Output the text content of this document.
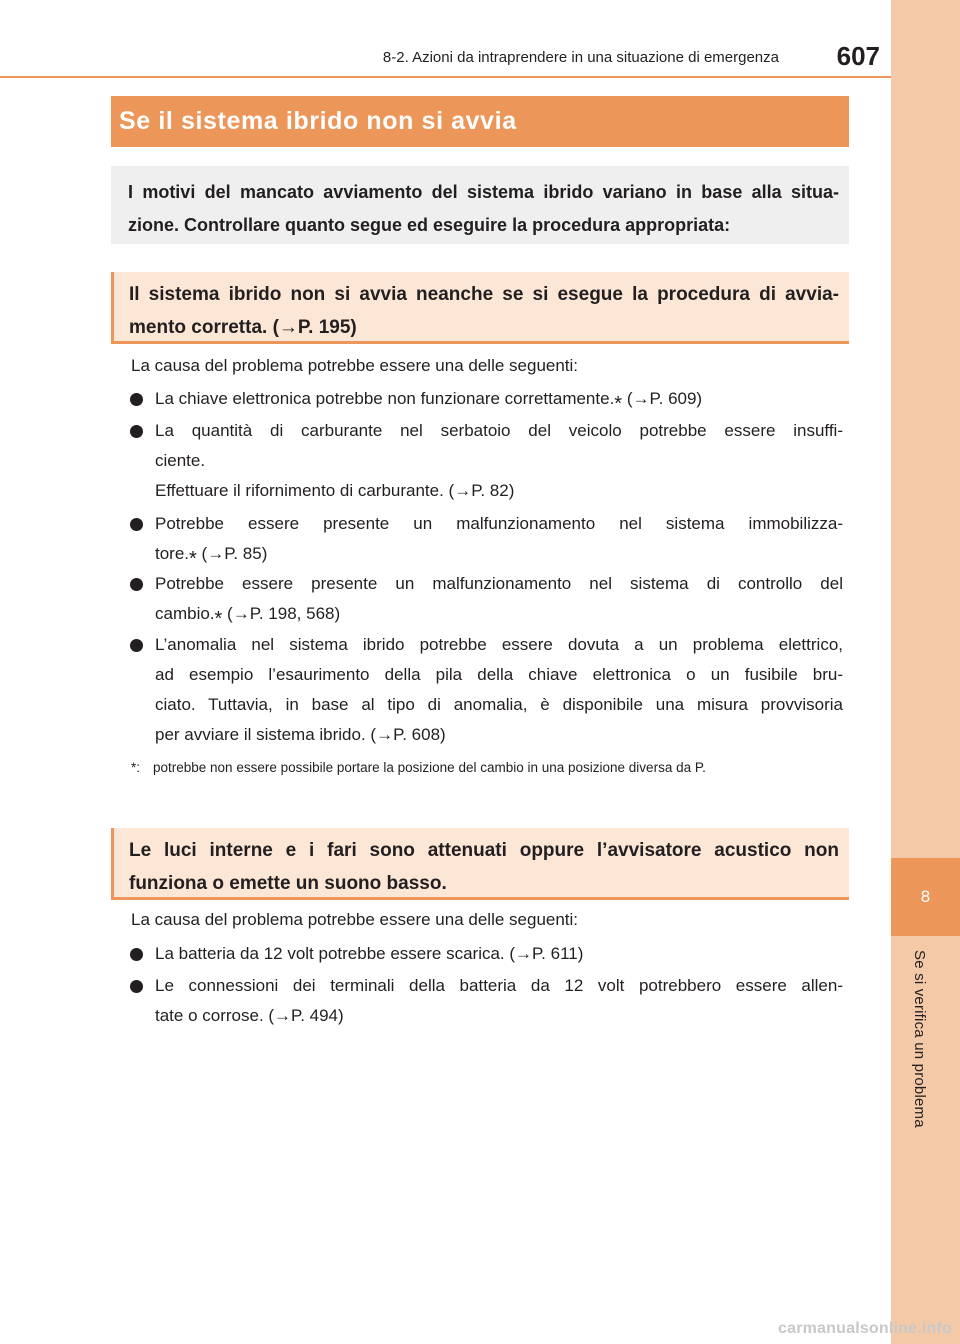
8-2. Azioni da intraprendere in una situazione di emergenza	607
8
Se si verifica un problema
Se il sistema ibrido non si avvia
I motivi del mancato avviamento del sistema ibrido variano in base alla situa-
zione. Controllare quanto segue ed eseguire la procedura appropriata:
Il sistema ibrido non si avvia neanche se si esegue la procedura di avvia-
mento corretta. (→P. 195)
La causa del problema potrebbe essere una delle seguenti:
La chiave elettronica potrebbe non funzionare correttamente.* (→P. 609)
La quantità di carburante nel serbatoio del veicolo potrebbe essere insuffi-
ciente.
Effettuare il rifornimento di carburante. (→P. 82)
Potrebbe essere presente un malfunzionamento nel sistema immobilizza-
tore.* (→P. 85)
Potrebbe essere presente un malfunzionamento nel sistema di controllo del
cambio.* (→P. 198, 568)
L’anomalia nel sistema ibrido potrebbe essere dovuta a un problema elettrico,
ad esempio l’esaurimento della pila della chiave elettronica o un fusibile bru-
ciato. Tuttavia, in base al tipo di anomalia, è disponibile una misura provvisoria
per avviare il sistema ibrido. (→P. 608)
*: potrebbe non essere possibile portare la posizione del cambio in una posizione diversa da P.
Le luci interne e i fari sono attenuati oppure l’avvisatore acustico non
funziona o emette un suono basso.
La causa del problema potrebbe essere una delle seguenti:
La batteria da 12 volt potrebbe essere scarica. (→P. 611)
Le connessioni dei terminali della batteria da 12 volt potrebbero essere allen-
tate o corrose. (→P. 494)
carmanualsonline.info
